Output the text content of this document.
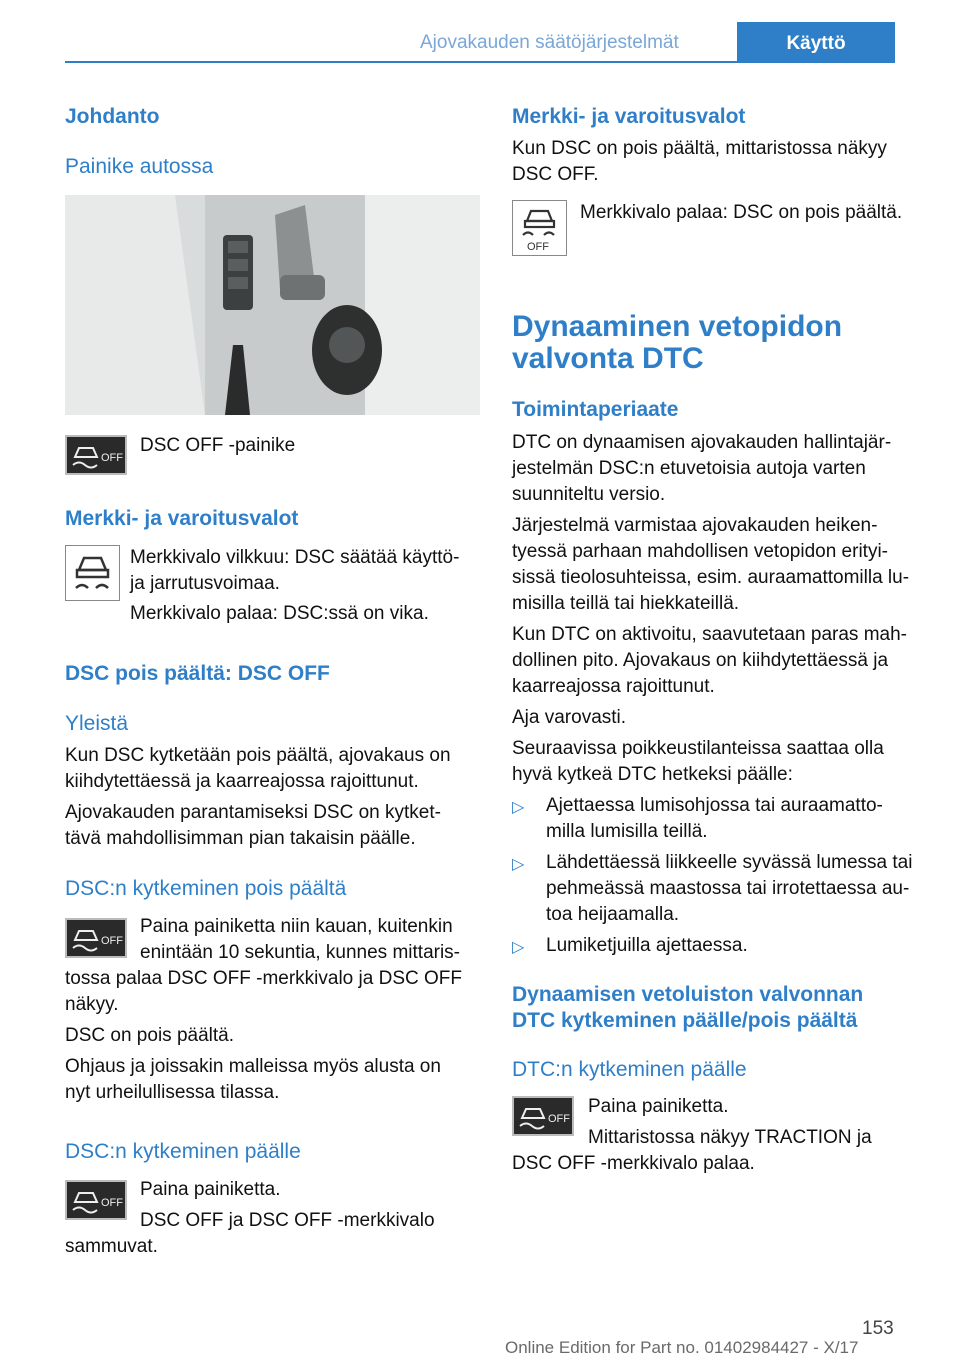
Ajovakauden säätöjärjestelmät	Käyttö
Johdanto
Painike autossa
OFF
DSC OFF -painike
Merkki- ja varoitusvalot
Merkkivalo vilkkuu: DSC säätää käyttö-
ja jarrutusvoimaa.
Merkkivalo palaa: DSC:ssä on vika.
DSC pois päältä: DSC OFF
Yleistä
Kun DSC kytketään pois päältä, ajovakaus on
kiihdytettäessä ja kaarreajossa rajoittunut.
Ajovakauden parantamiseksi DSC on kytket-
tävä mahdollisimman pian takaisin päälle.
DSC:n kytkeminen pois päältä
OFF
Paina painiketta niin kauan, kuitenkin
enintään 10 sekuntia, kunnes mittaris-
tossa palaa DSC OFF -merkkivalo ja DSC OFF
näkyy.
DSC on pois päältä.
Ohjaus ja joissakin malleissa myös alusta on
nyt urheilullisessa tilassa.
DSC:n kytkeminen päälle
OFF
Paina painiketta.
DSC OFF ja DSC OFF -merkkivalo
sammuvat.
Merkki- ja varoitusvalot
Kun DSC on pois päältä, mittaristossa näkyy
DSC OFF.
OFF
Merkkivalo palaa: DSC on pois päältä.
Dynaaminen vetopidon
valvonta DTC
Toimintaperiaate
DTC on dynaamisen ajovakauden hallintajär-
jestelmän DSC:n etuvetoisia autoja varten
suunniteltu versio.
Järjestelmä varmistaa ajovakauden heiken-
tyessä parhaan mahdollisen vetopidon erityi-
sissä tieolosuhteissa, esim. auraamattomilla lu-
misilla teillä tai hiekkateillä.
Kun DTC on aktivoitu, saavutetaan paras mah-
dollinen pito. Ajovakaus on kiihdytettäessä ja
kaarreajossa rajoittunut.
Aja varovasti.
Seuraavissa poikkeustilanteissa saattaa olla
hyvä kytkeä DTC hetkeksi päälle:
▷ Ajettaessa lumisohjossa tai auraamatto-
milla lumisilla teillä.
▷ Lähdettäessä liikkeelle syvässä lumessa tai
pehmeässä maastossa tai irrotettaessa au-
toa heijaamalla.
▷ Lumiketjuilla ajettaessa.
Dynaamisen vetoluiston valvonnan
DTC kytkeminen päälle/pois päältä
DTC:n kytkeminen päälle
OFF
Paina painiketta.
Mittaristossa näkyy TRACTION ja
DSC OFF -merkkivalo palaa.
153
Online Edition for Part no. 01402984427 - X/17
